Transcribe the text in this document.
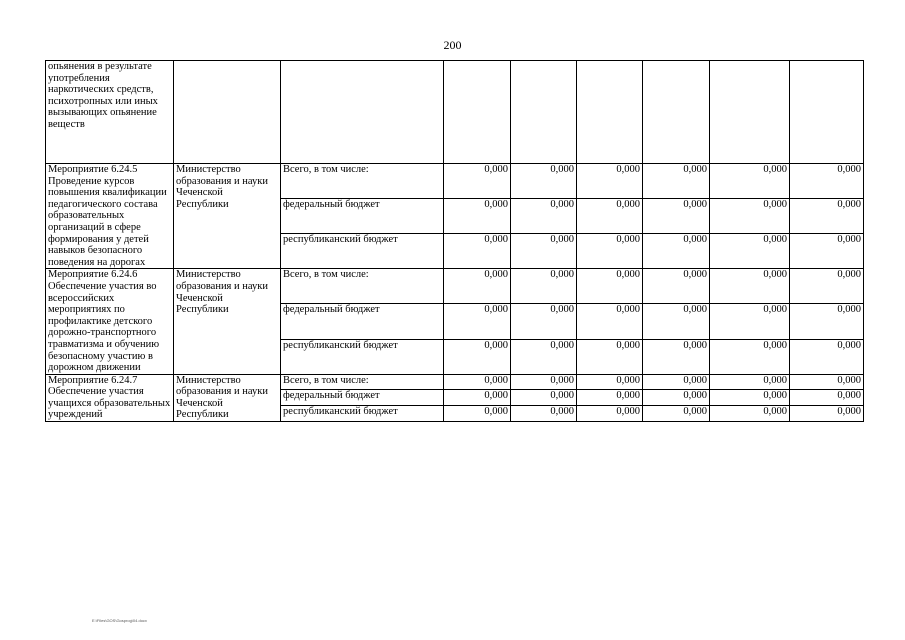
200
опьянения в результате употребления наркотических средств, психотропных или иных вызывающих опьянение веществ								
Мероприятие 6.24.5 Проведение курсов повышения квалификации педагогического состава образовательных организаций в сфере формирования у детей навыков безопасного поведения на дорогах	Министерство образования и науки Чеченской Республики	Всего, в том числе:	0,000	0,000	0,000	0,000	0,000	0,000
		федеральный бюджет	0,000	0,000	0,000	0,000	0,000	0,000
		республиканский бюджет	0,000	0,000	0,000	0,000	0,000	0,000
Мероприятие 6.24.6 Обеспечение участия во всероссийских мероприятиях по профилактике детского дорожно-транспортного травматизма и обучению безопасному участию в дорожном движении	Министерство образования и науки Чеченской Республики	Всего, в том числе:	0,000	0,000	0,000	0,000	0,000	0,000
		федеральный бюджет	0,000	0,000	0,000	0,000	0,000	0,000
		республиканский бюджет	0,000	0,000	0,000	0,000	0,000	0,000
Мероприятие 6.24.7 Обеспечение участия учащихся образовательных учреждений	Министерство образования и науки Чеченской Республики	Всего, в том числе:	0,000	0,000	0,000	0,000	0,000	0,000
		федеральный бюджет	0,000	0,000	0,000	0,000	0,000	0,000
		республиканский бюджет	0,000	0,000	0,000	0,000	0,000	0,000
Е:\Files\GOS\Gosprog\04.docx
